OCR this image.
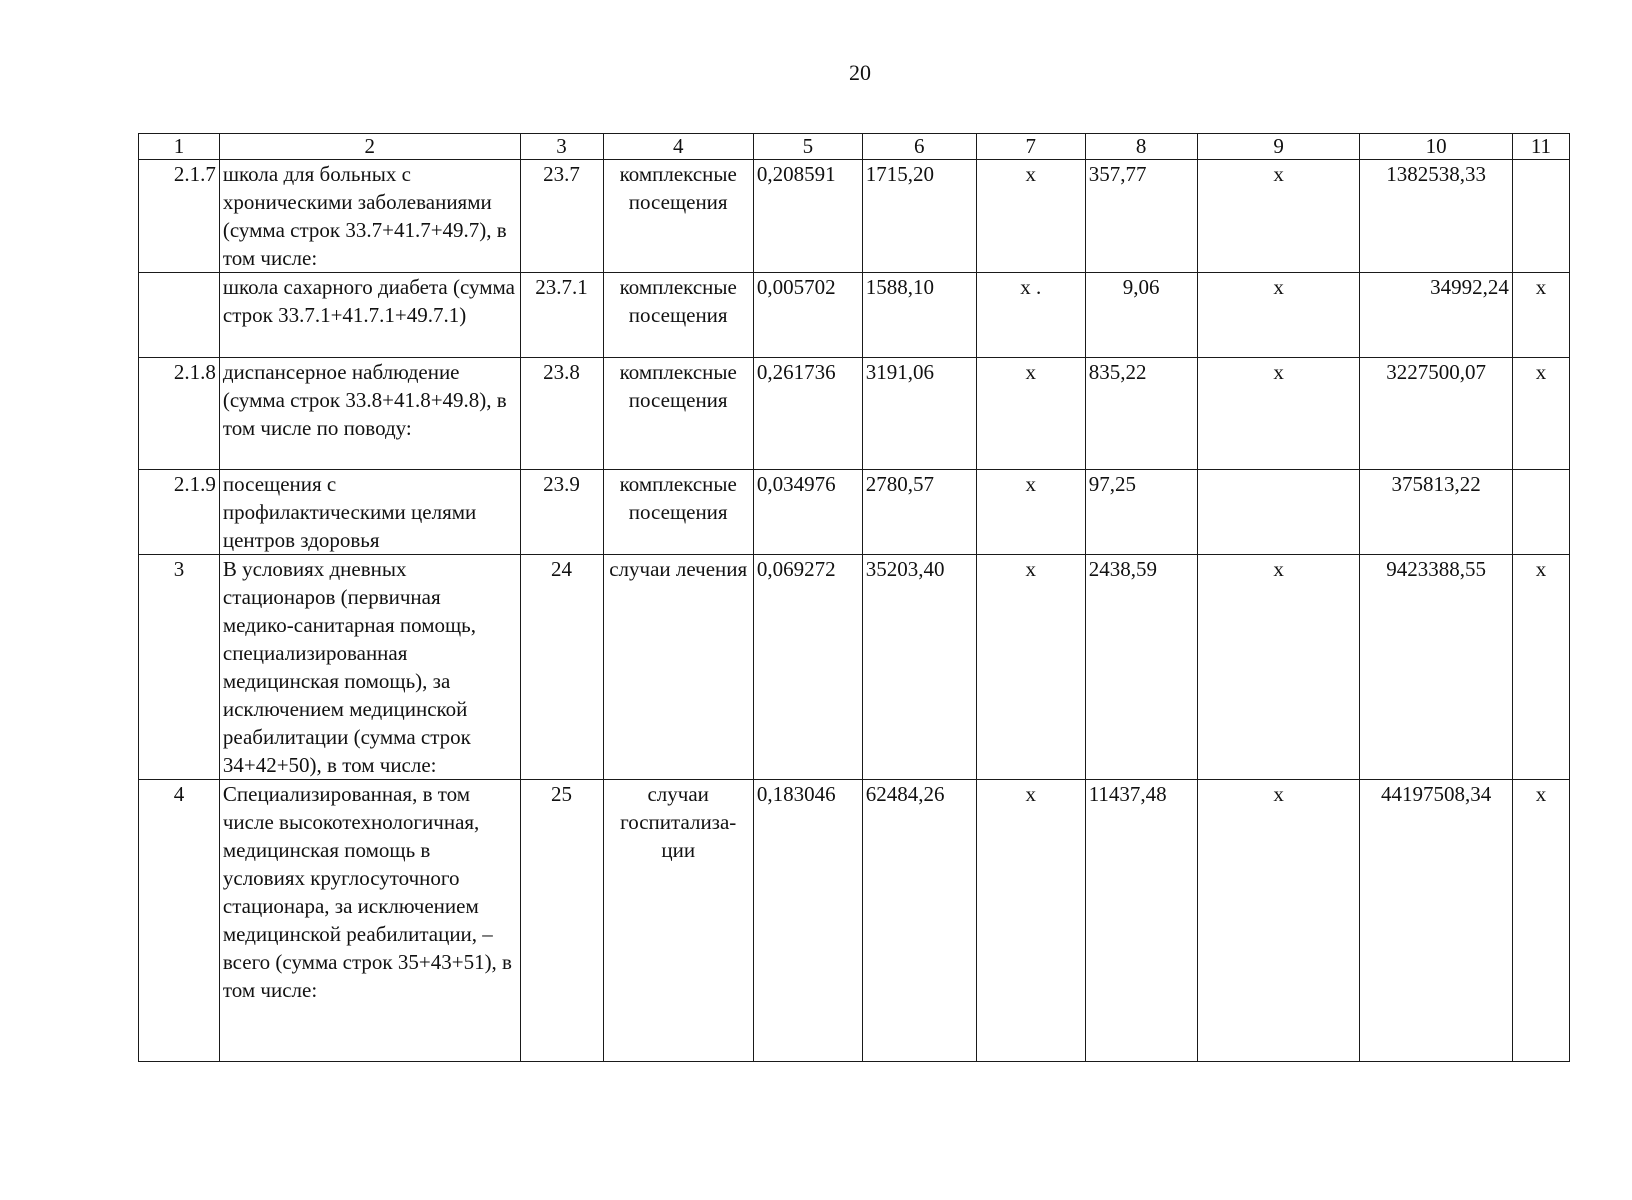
20
1	2	3	4	5	6	7	8	9	10	11
2.1.7	школа для больных с хроническими заболеваниями (сумма строк 33.7+41.7+49.7), в том числе:	23.7	комплексные посещения	0,208591	1715,20	х	357,77	х	1382538,33	
	школа сахарного диабета (сумма строк 33.7.1+41.7.1+49.7.1)	23.7.1	комплексные посещения	0,005702	1588,10	х .	9,06	х	34992,24	х
2.1.8	диспансерное наблюдение (сумма строк 33.8+41.8+49.8), в том числе по поводу:	23.8	комплексные посещения	0,261736	3191,06	х	835,22	х	3227500,07	х
2.1.9	посещения с профилактическими целями центров здоровья	23.9	комплексные посещения	0,034976	2780,57	х	97,25		375813,22	
3	В условиях дневных стационаров (первичная медико-санитарная помощь, специализированная медицинская помощь), за исключением медицинской реабилитации (сумма строк 34+42+50), в том числе:	24	случаи лечения	0,069272	35203,40	х	2438,59	х	9423388,55	х
4	Специализированная, в том числе высокотехнологичная, медицинская помощь в условиях круглосуточного стационара, за исключением медицинской реабилитации, – всего (сумма строк 35+43+51), в том числе:	25	случаи госпитализа-ции	0,183046	62484,26	х	11437,48	х	44197508,34	х
